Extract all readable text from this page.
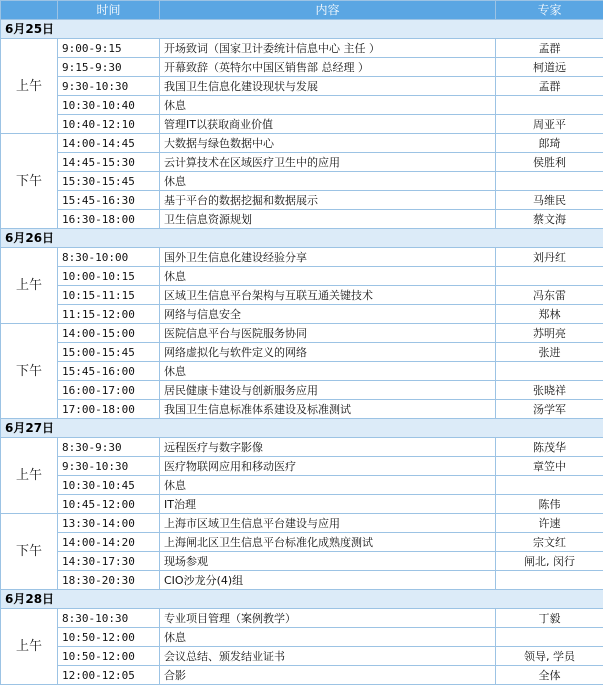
	时间	内容	专家
6月25日			
上午	9:00-9:15	开场致词（国家卫计委统计信息中心 主任 ）	孟群
	9:15-9:30	开幕致辞（英特尔中国区销售部 总经理 ）	柯道远
	9:30-10:30	我国卫生信息化建设现状与发展	孟群
	10:30-10:40	休息	
	10:40-12:10	管理IT以获取商业价值	周亚平
下午	14:00-14:45	大数据与绿色数据中心	郎琦
	14:45-15:30	云计算技术在区域医疗卫生中的应用	侯胜利
	15:30-15:45	休息	
	15:45-16:30	基于平台的数据挖掘和数据展示	马维民
	16:30-18:00	卫生信息资源规划	蔡文海
6月26日			
上午	8:30-10:00	国外卫生信息化建设经验分享	刘丹红
	10:00-10:15	休息	
	10:15-11:15	区域卫生信息平台架构与互联互通关键技术	冯东雷
	11:15-12:00	网络与信息安全	郑林
下午	14:00-15:00	医院信息平台与医院服务协同	苏明亮
	15:00-15:45	网络虚拟化与软件定义的网络	张进
	15:45-16:00	休息	
	16:00-17:00	居民健康卡建设与创新服务应用	张晓祥
	17:00-18:00	我国卫生信息标准体系建设及标准测试	汤学军
6月27日			
上午	8:30-9:30	远程医疗与数字影像	陈茂华
	9:30-10:30	医疗物联网应用和移动医疗	章笠中
	10:30-10:45	休息	
	10:45-12:00	IT治理	陈伟
下午	13:30-14:00	上海市区域卫生信息平台建设与应用	许速
	14:00-14:20	上海闸北区卫生信息平台标准化成熟度测试	宗文红
	14:30-17:30	现场参观	闸北, 闵行
	18:30-20:30	CIO沙龙分(4)组	
6月28日			
上午	8:30-10:30	专业项目管理（案例教学）	丁毅
	10:50-12:00	休息	
	10:50-12:00	会议总结、颁发结业证书	领导, 学员
	12:00-12:05	合影	全体
